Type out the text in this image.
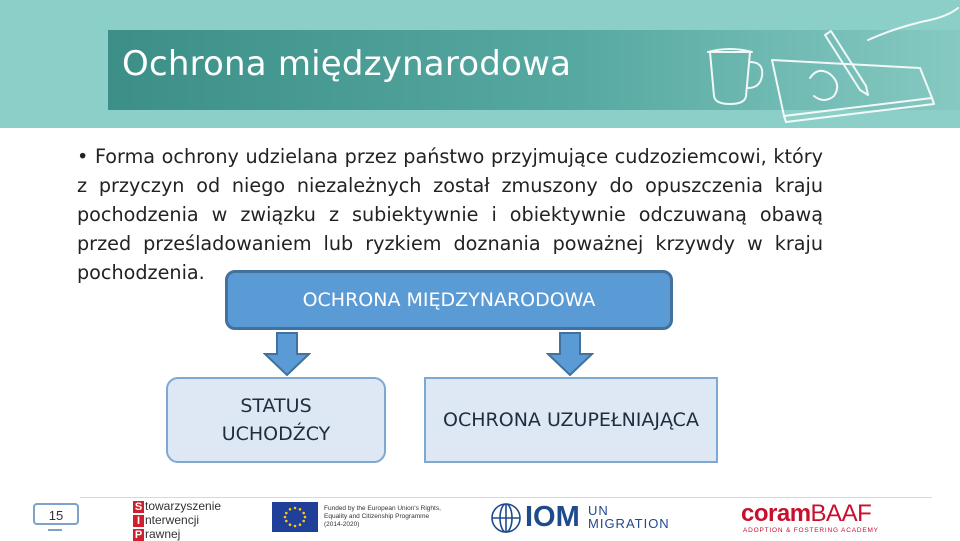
Ochrona międzynarodowa
• Forma ochrony udzielana przez państwo przyjmujące cudzoziemcowi, który z przyczyn od niego niezależnych został zmuszony do opuszczenia kraju pochodzenia w związku z subiektywnie i obiektywnie odczuwaną obawą przed prześladowaniem lub ryzkiem doznania poważnej krzywdy w kraju pochodzenia.
OCHRONA MIĘDZYNARODOWA
STATUS
UCHODŹCY
OCHRONA UZUPEŁNIAJĄCA
15
S towarzyszenie
I nterwencji
P rawnej
Funded by the European Union's Rights, Equality and Citizenship Programme (2014-2020)	IOM UN
MIGRATION	coramBAAF
ADOPTION & FOSTERING ACADEMY
